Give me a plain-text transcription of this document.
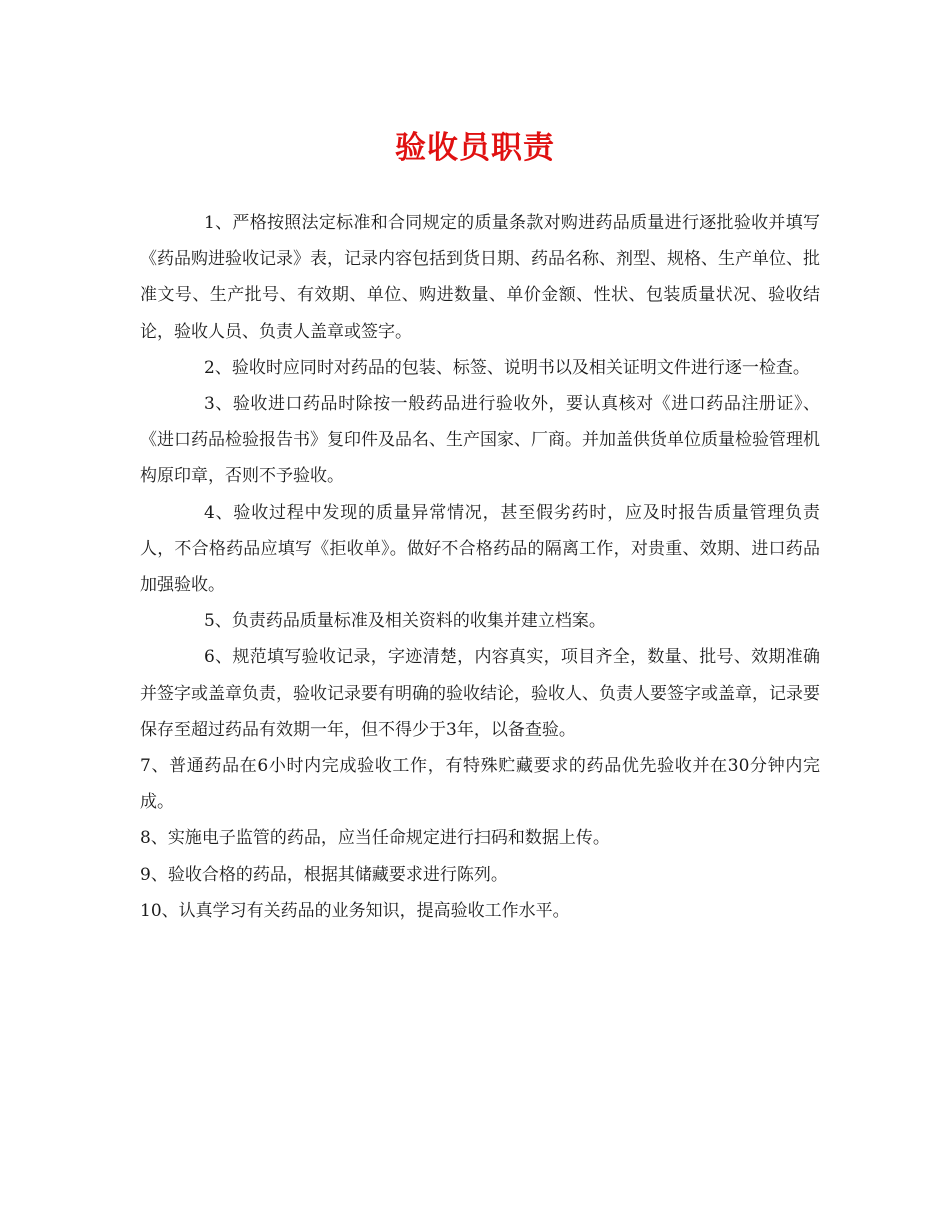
验收员职责

1、严格按照法定标准和合同规定的质量条款对购进药品质量进行逐批验收并填写《药品购进验收记录》表，记录内容包括到货日期、药品名称、剂型、规格、生产单位、批准文号、生产批号、有效期、单位、购进数量、单价金额、性状、包装质量状况、验收结论，验收人员、负责人盖章或签字。

2、验收时应同时对药品的包装、标签、说明书以及相关证明文件进行逐一检查。

3、验收进口药品时除按一般药品进行验收外，要认真核对《进口药品注册证》、《进口药品检验报告书》复印件及品名、生产国家、厂商。并加盖供货单位质量检验管理机构原印章，否则不予验收。

4、验收过程中发现的质量异常情况，甚至假劣药时，应及时报告质量管理负责人，不合格药品应填写《拒收单》。做好不合格药品的隔离工作，对贵重、效期、进口药品加强验收。

5、负责药品质量标准及相关资料的收集并建立档案。

6、规范填写验收记录，字迹清楚，内容真实，项目齐全，数量、批号、效期准确并签字或盖章负责，验收记录要有明确的验收结论，验收人、负责人要签字或盖章，记录要保存至超过药品有效期一年，但不得少于3年，以备查验。

7、普通药品在6小时内完成验收工作，有特殊贮藏要求的药品优先验收并在30分钟内完成。

8、实施电子监管的药品，应当任命规定进行扫码和数据上传。

9、验收合格的药品，根据其储藏要求进行陈列。

10、认真学习有关药品的业务知识，提高验收工作水平。
